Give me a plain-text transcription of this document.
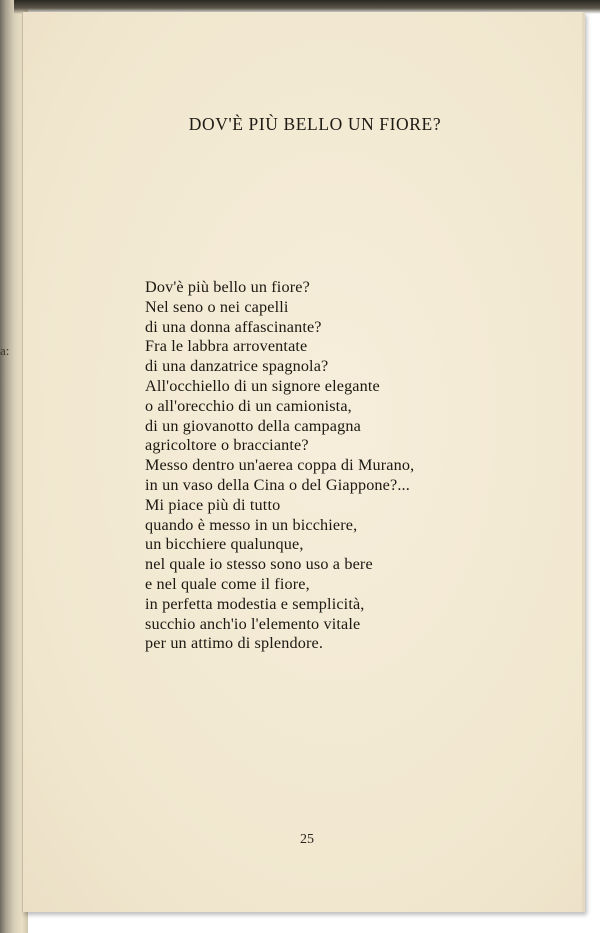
a:
DOV'È PIÙ BELLO UN FIORE?
Dov'è più bello un fiore?
Nel seno o nei capelli
di una donna affascinante?
Fra le labbra arroventate
di una danzatrice spagnola?
All'occhiello di un signore elegante
o all'orecchio di un camionista,
di un giovanotto della campagna
agricoltore o bracciante?
Messo dentro un'aerea coppa di Murano,
in un vaso della Cina o del Giappone?...
Mi piace più di tutto
quando è messo in un bicchiere,
un bicchiere qualunque,
nel quale io stesso sono uso a bere
e nel quale come il fiore,
in perfetta modestia e semplicità,
succhio anch'io l'elemento vitale
per un attimo di splendore.
25
